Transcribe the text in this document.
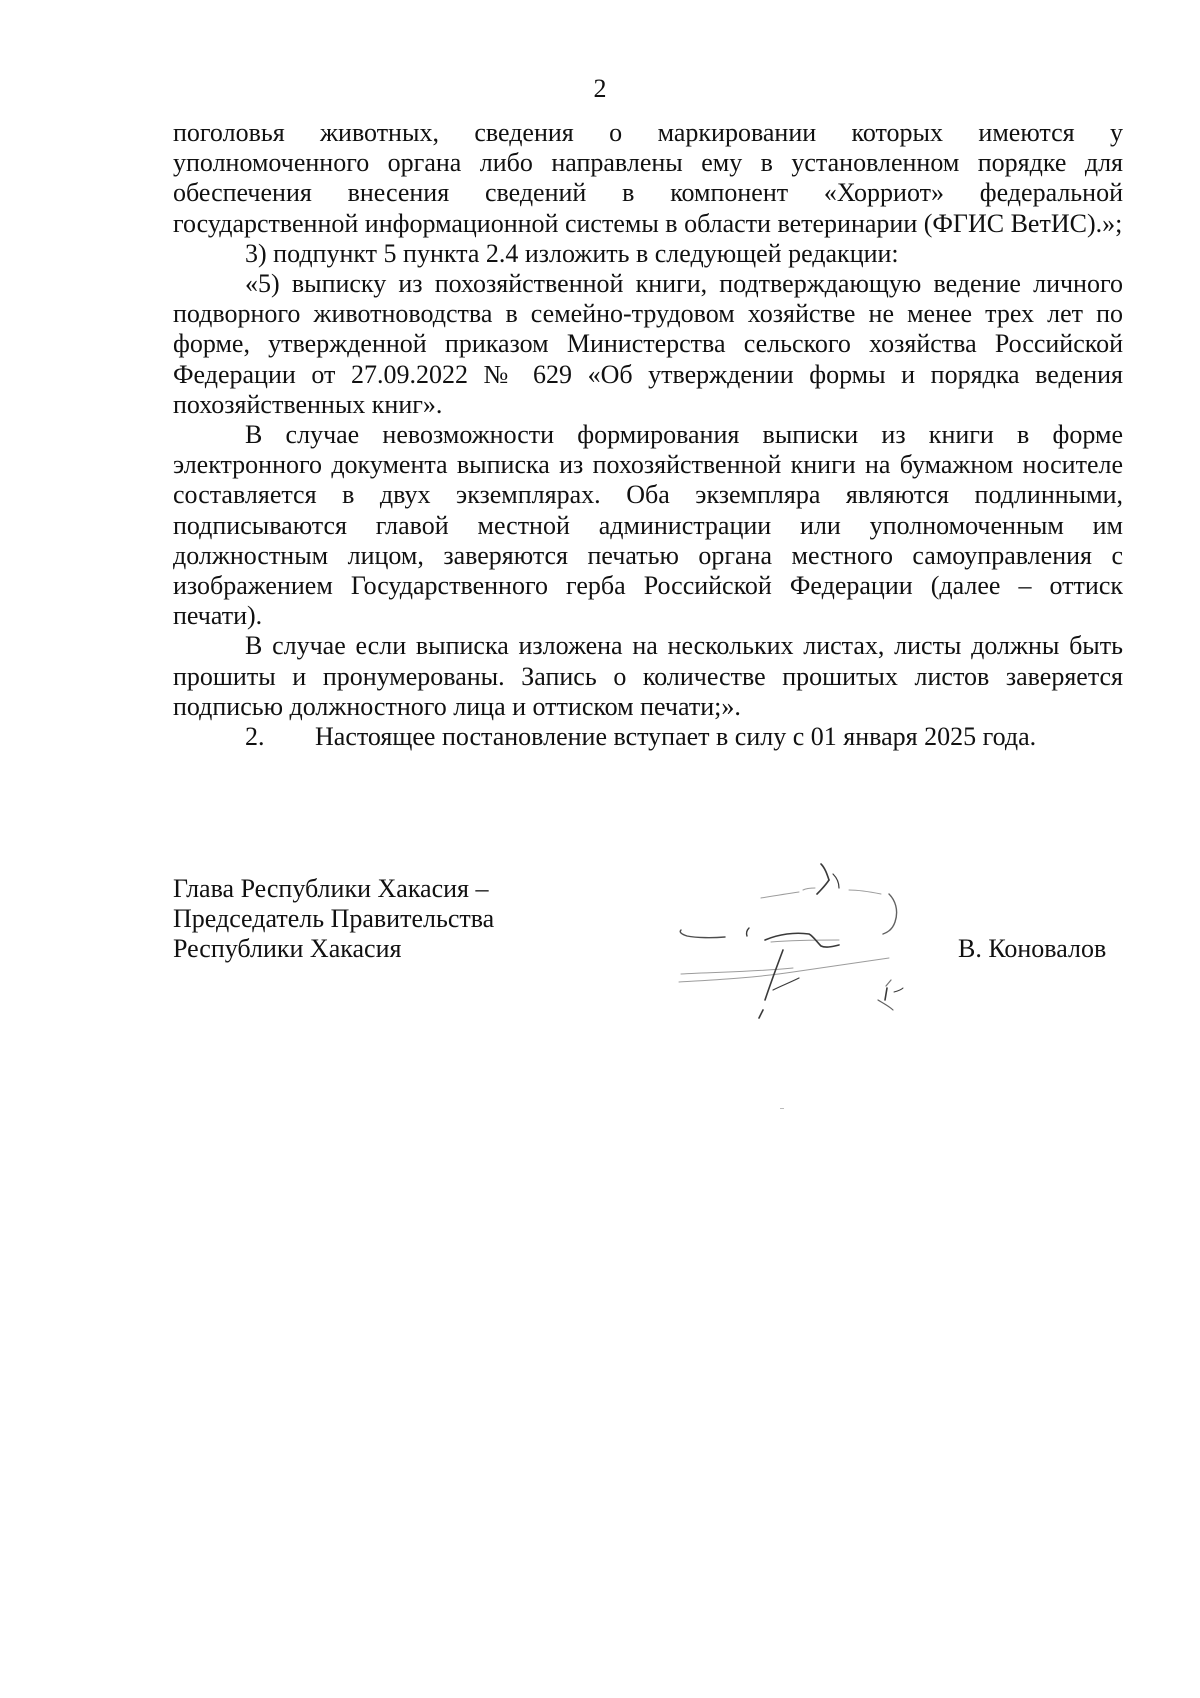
2

поголовья животных, сведения о маркировании которых имеются у уполномоченного органа либо направлены ему в установленном порядке для обеспечения внесения сведений в компонент «Хорриот» федеральной государственной информационной системы в области ветеринарии (ФГИС ВетИС).»;

3) подпункт 5 пункта 2.4 изложить в следующей редакции:

«5) выписку из похозяйственной книги, подтверждающую ведение личного подворного животноводства в семейно-трудовом хозяйстве не менее трех лет по форме, утвержденной приказом Министерства сельского хозяйства Российской Федерации от 27.09.2022 № 629 «Об утверждении формы и порядка ведения похозяйственных книг».

В случае невозможности формирования выписки из книги в форме электронного документа выписка из похозяйственной книги на бумажном носителе составляется в двух экземплярах. Оба экземпляра являются подлинными, подписываются главой местной администрации или уполномоченным им должностным лицом, заверяются печатью органа местного самоуправления с изображением Государственного герба Российской Федерации (далее – оттиск печати).

В случае если выписка изложена на нескольких листах, листы должны быть прошиты и пронумерованы. Запись о количестве прошитых листов заверяется подписью должностного лица и оттиском печати;».

2. Настоящее постановление вступает в силу с 01 января 2025 года.

Глава Республики Хакасия –
Председатель Правительства
Республики Хакасия	В. Коновалов
